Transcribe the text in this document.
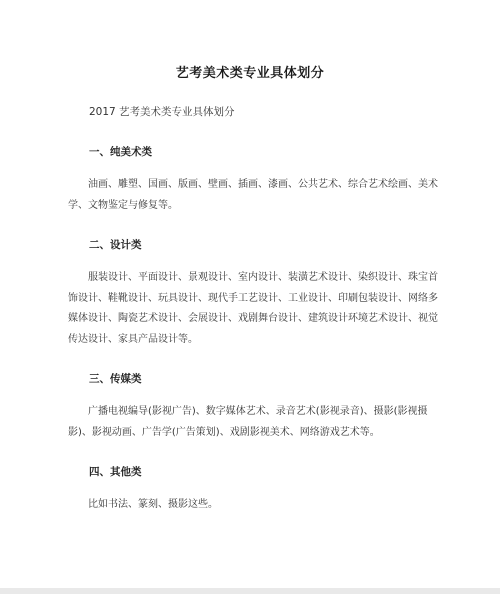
艺考美术类专业具体划分
2017 艺考美术类专业具体划分
一、纯美术类
油画、雕塑、国画、版画、壁画、插画、漆画、公共艺术、综合艺术绘画、美术学、文物鉴定与修复等。
二、设计类
服装设计、平面设计、景观设计、室内设计、装潢艺术设计、染织设计、珠宝首饰设计、鞋靴设计、玩具设计、现代手工艺设计、工业设计、印刷包装设计、网络多媒体设计、陶瓷艺术设计、会展设计、戏剧舞台设计、建筑设计环境艺术设计、视觉传达设计、家具产品设计等。
三、传媒类
广播电视编导(影视广告)、数字媒体艺术、录音艺术(影视录音)、摄影(影视摄影)、影视动画、广告学(广告策划)、戏剧影视美术、网络游戏艺术等。
四、其他类
比如书法、篆刻、摄影这些。
